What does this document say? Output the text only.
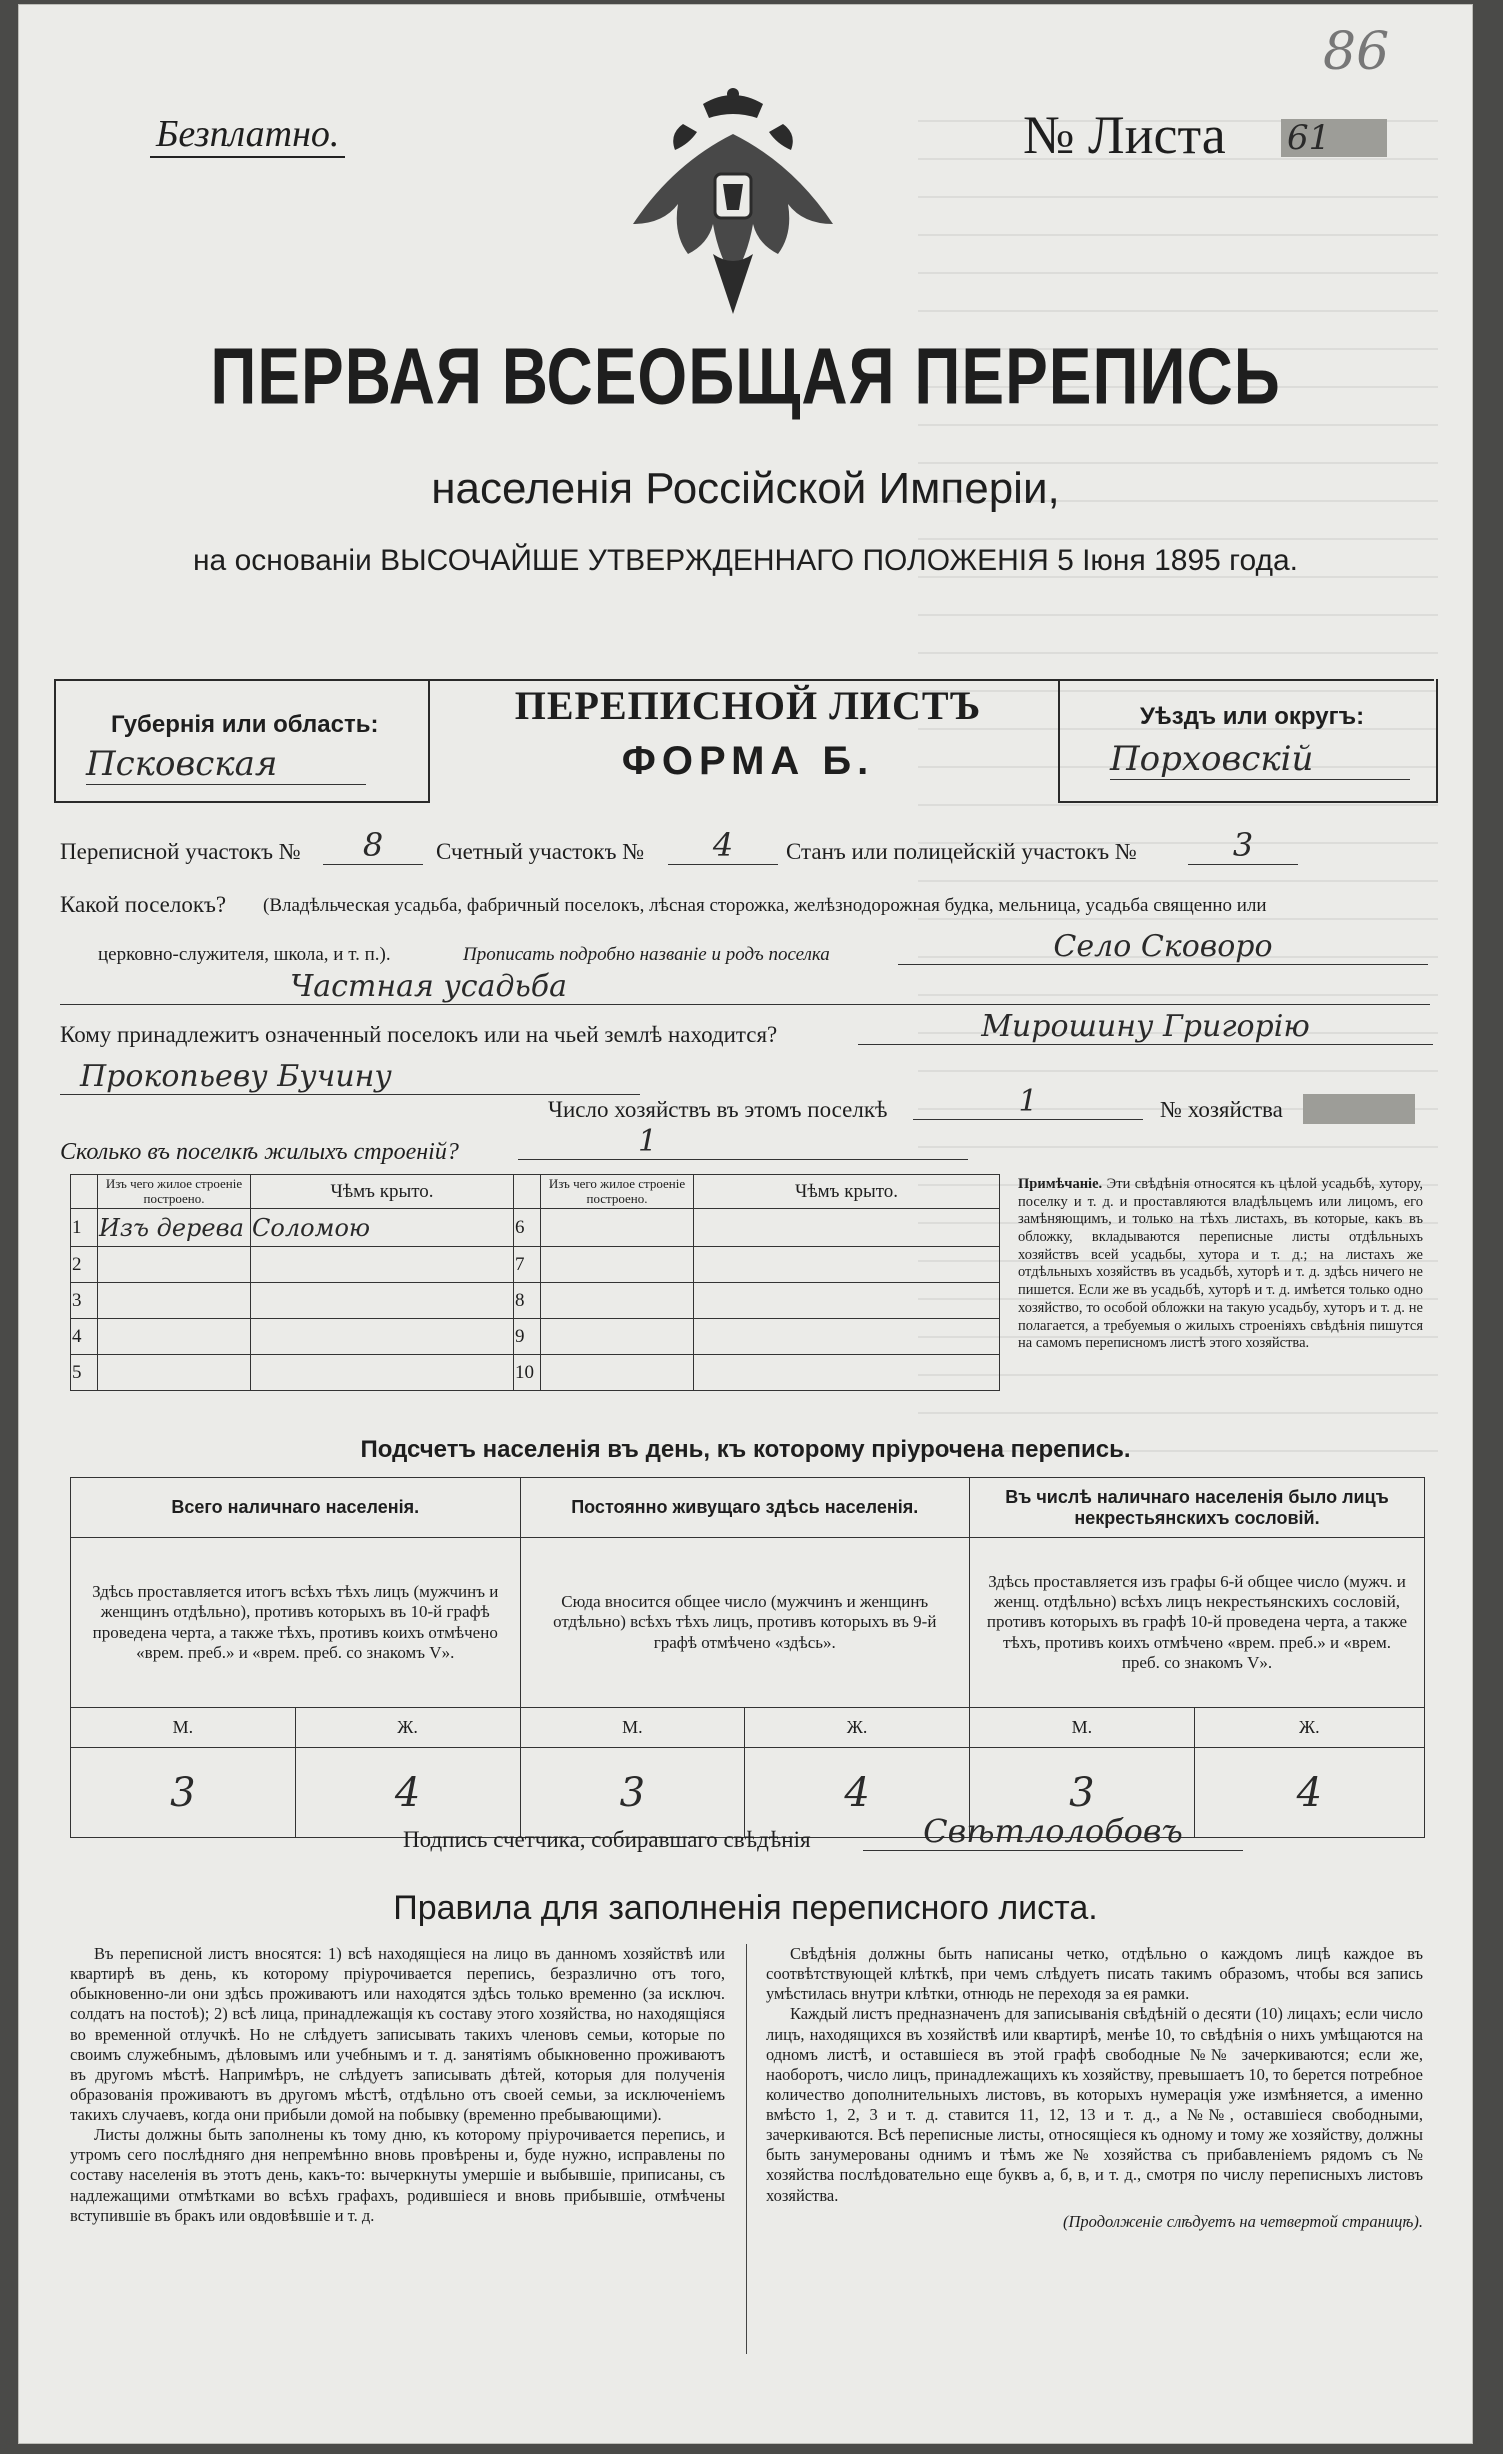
86
Безплатно.	№ Листа 61
ПЕРВАЯ ВСЕОБЩАЯ ПЕРЕПИСЬ
населенія Россійской Имперіи,
на основаніи ВЫСОЧАЙШЕ УТВЕРЖДЕННАГО ПОЛОЖЕНІЯ 5 Іюня 1895 года.
Губернія или область:
Псковская
ПЕРЕПИСНОЙ ЛИСТЪ
ФОРМА Б.
Уѣздъ или округъ:
Порховскій
Переписной участокъ №	8	Счетный участокъ №	4	Станъ или полицейскій участокъ №	3
Какой поселокъ? (Владѣльческая усадьба, фабричный поселокъ, лѣсная сторожка, желѣзнодорожная будка, мельница, усадьба священно или
церковно-служителя, школа, и т. п.).	Прописать подробно названіе и родъ поселка	Село Сковоро
Частная усадьба
Кому принадлежитъ означенный поселокъ или на чьей землѣ находится?	Мирошину Григорію
Прокопьеву Бучину
Число хозяйствъ въ этомъ поселкѣ	1	№ хозяйства
Сколько въ поселкѣ жилыхъ строеній?	1
	Изъ чего жилое строеніе построено.	Чѣмъ крыто.		Изъ чего жилое строеніе построено.	Чѣмъ крыто.
1	Изъ дерева	Соломою	6		
2			7		
3			8		
4			9		
5			10		
Примѣчаніе. Эти свѣдѣнія относятся къ цѣлой усадьбѣ, хутору, поселку и т. д. и проставляются владѣльцемъ или лицомъ, его замѣняющимъ, и только на тѣхъ листахъ, въ которые, какъ въ обложку, вкладываются переписные листы отдѣльныхъ хозяйствъ всей усадьбы, хутора и т. д.; на листахъ же отдѣльныхъ хозяйствъ въ усадьбѣ, хуторѣ и т. д. здѣсь ничего не пишется. Если же въ усадьбѣ, хуторѣ и т. д. имѣется только одно хозяйство, то особой обложки на такую усадьбу, хуторъ и т. д. не полагается, а требуемыя о жилыхъ строеніяхъ свѣдѣнія пишутся на самомъ переписномъ листѣ этого хозяйства.
Подсчетъ населенія въ день, къ которому пріурочена перепись.
Всего наличнаго населенія.		Постоянно живущаго здѣсь населенія.		Въ числѣ наличнаго населенія было лицъ некрестьянскихъ сословій.	
Здѣсь проставляется итогъ всѣхъ тѣхъ лицъ (мужчинъ и женщинъ отдѣльно), противъ которыхъ въ 10-й графѣ проведена черта, а также тѣхъ, противъ коихъ отмѣчено «врем. преб.» и «врем. преб. со знакомъ V».		Сюда вносится общее число (мужчинъ и женщинъ отдѣльно) всѣхъ тѣхъ лицъ, противъ которыхъ въ 9-й графѣ отмѣчено «здѣсь».		Здѣсь проставляется изъ графы 6-й общее число (мужч. и женщ. отдѣльно) всѣхъ лицъ некрестьянскихъ сословій, противъ которыхъ въ графѣ 10-й проведена черта, а также тѣхъ, противъ коихъ отмѣчено «врем. преб.» и «врем. преб. со знакомъ V».	
М.	Ж.	М.	Ж.	М.	Ж.
3	4	3	4	3	4
Подпись счетчика, собиравшаго свѣдѣнія	Свѣтлолобовъ
Правила для заполненія переписного листа.

Въ переписной листъ вносятся: 1) всѣ находящіеся на лицо въ данномъ хозяйствѣ или квартирѣ въ день, къ которому пріурочивается перепись, безразлично отъ того, обыкновенно-ли они здѣсь проживаютъ или находятся здѣсь только временно (за исключ. солдатъ на постоѣ); 2) всѣ лица, принадлежащія къ составу этого хозяйства, но находящіяся во временной отлучкѣ. Но не слѣдуетъ записывать такихъ членовъ семьи, которые по своимъ служебнымъ, дѣловымъ или учебнымъ и т. д. занятіямъ обыкновенно проживаютъ въ другомъ мѣстѣ. Напримѣръ, не слѣдуетъ записывать дѣтей, которыя для полученія образованія проживаютъ въ другомъ мѣстѣ, отдѣльно отъ своей семьи, за исключеніемъ такихъ случаевъ, когда они прибыли домой на побывку (временно пребывающими).

Листы должны быть заполнены къ тому дню, къ которому пріурочивается перепись, и утромъ сего послѣдняго дня непремѣнно вновь провѣрены и, буде нужно, исправлены по составу населенія въ этотъ день, какъ-то: вычеркнуты умершіе и выбывшіе, приписаны, съ надлежащими отмѣтками во всѣхъ графахъ, родившіеся и вновь прибывшіе, отмѣчены вступившіе въ бракъ или овдовѣвшіе и т. д.

Свѣдѣнія должны быть написаны четко, отдѣльно о каждомъ лицѣ каждое въ соотвѣтствующей клѣткѣ, при чемъ слѣдуетъ писать такимъ образомъ, чтобы вся запись умѣстилась внутри клѣтки, отнюдь не переходя за ея рамки.

Каждый листъ предназначенъ для записыванія свѣдѣній о десяти (10) лицахъ; если число лицъ, находящихся въ хозяйствѣ или квартирѣ, менѣе 10, то свѣдѣнія о нихъ умѣщаются на одномъ листѣ, и оставшіеся въ этой графѣ свободные №№ зачеркиваются; если же, наоборотъ, число лицъ, принадлежащихъ къ хозяйству, превышаетъ 10, то берется потребное количество дополнительныхъ листовъ, въ которыхъ нумерація уже измѣняется, а именно вмѣсто 1, 2, 3 и т. д. ставится 11, 12, 13 и т. д., а №№, оставшіеся свободными, зачеркиваются. Всѣ переписные листы, относящіеся къ одному и тому же хозяйству, должны быть занумерованы однимъ и тѣмъ же № хозяйства съ прибавленіемъ рядомъ съ № хозяйства послѣдовательно еще буквъ а, б, в, и т. д., смотря по числу переписныхъ листовъ хозяйства.

(Продолженіе слѣдуетъ на четвертой страницѣ).
